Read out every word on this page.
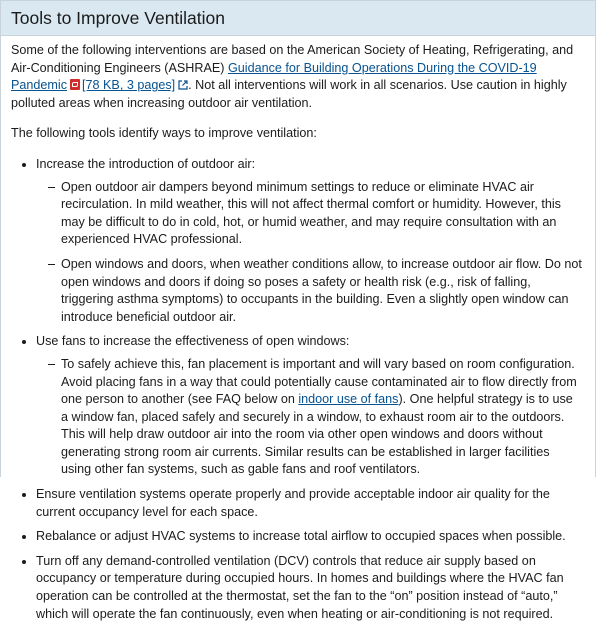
Tools to Improve Ventilation

Some of the following interventions are based on the American Society of Heating, Refrigerating, and Air-Conditioning Engineers (ASHRAE) Guidance for Building Operations During the COVID-19 Pandemic [78 KB, 3 pages] . Not all interventions will work in all scenarios. Use caution in highly polluted areas when increasing outdoor air ventilation.

The following tools identify ways to improve ventilation:

Increase the introduction of outdoor air:
Open outdoor air dampers beyond minimum settings to reduce or eliminate HVAC air recirculation. In mild weather, this will not affect thermal comfort or humidity. However, this may be difficult to do in cold, hot, or humid weather, and may require consultation with an experienced HVAC professional.
Open windows and doors, when weather conditions allow, to increase outdoor air flow. Do not open windows and doors if doing so poses a safety or health risk (e.g., risk of falling, triggering asthma symptoms) to occupants in the building. Even a slightly open window can introduce beneficial outdoor air.
Use fans to increase the effectiveness of open windows:
To safely achieve this, fan placement is important and will vary based on room configuration. Avoid placing fans in a way that could potentially cause contaminated air to flow directly from one person to another (see FAQ below on indoor use of fans). One helpful strategy is to use a window fan, placed safely and securely in a window, to exhaust room air to the outdoors. This will help draw outdoor air into the room via other open windows and doors without generating strong room air currents. Similar results can be established in larger facilities using other fan systems, such as gable fans and roof ventilators.
Ensure ventilation systems operate properly and provide acceptable indoor air quality for the current occupancy level for each space.
Rebalance or adjust HVAC systems to increase total airflow to occupied spaces when possible.
Turn off any demand-controlled ventilation (DCV) controls that reduce air supply based on occupancy or temperature during occupied hours. In homes and buildings where the HVAC fan operation can be controlled at the thermostat, set the fan to the “on” position instead of “auto,” which will operate the fan continuously, even when heating or air-conditioning is not required.
